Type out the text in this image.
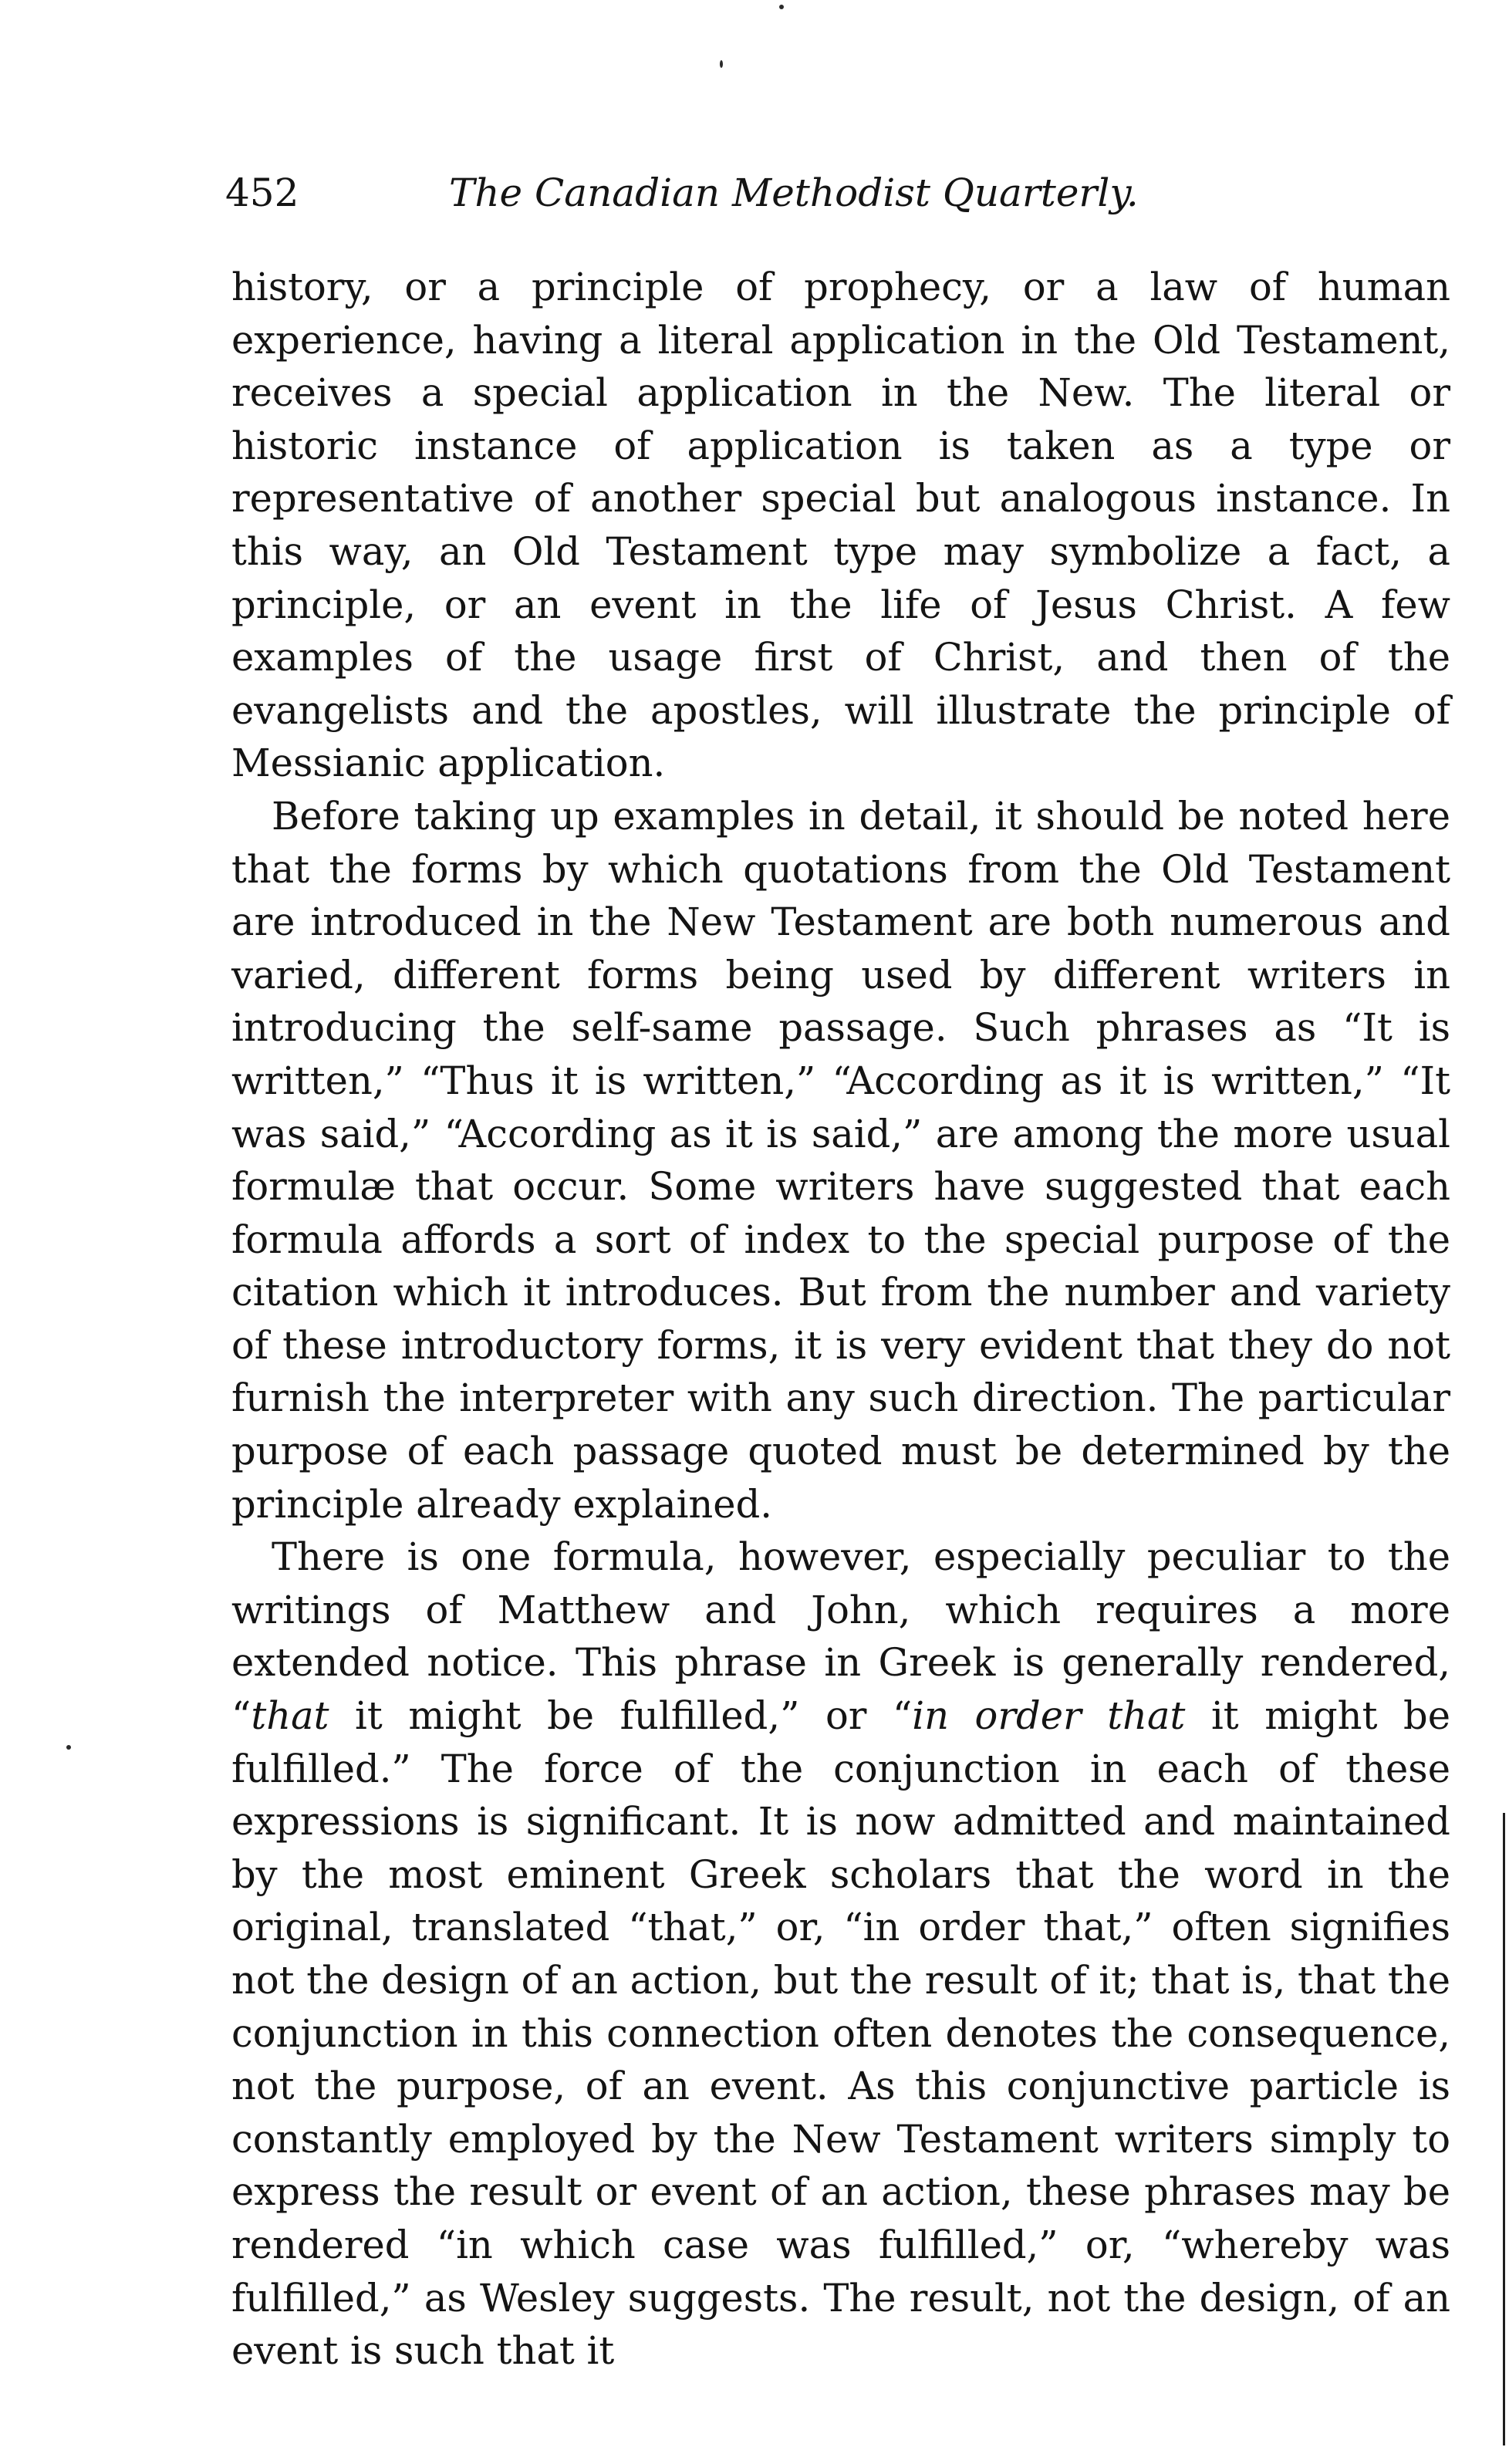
452	The Canadian Methodist Quarterly.

history, or a principle of prophecy, or a law of human experience, having a literal application in the Old Testament, receives a special application in the New. The literal or historic instance of application is taken as a type or representative of another special but analogous instance. In this way, an Old Testament type may symbolize a fact, a principle, or an event in the life of Jesus Christ. A few examples of the usage first of Christ, and then of the evangelists and the apostles, will illustrate the principle of Messianic application.

Before taking up examples in detail, it should be noted here that the forms by which quotations from the Old Testament are introduced in the New Testament are both numerous and varied, different forms being used by different writers in introducing the self-same passage. Such phrases as “It is written,” “Thus it is written,” “According as it is written,” “It was said,” “According as it is said,” are among the more usual formulæ that occur. Some writers have suggested that each formula affords a sort of index to the special purpose of the citation which it introduces. But from the number and variety of these introductory forms, it is very evident that they do not furnish the interpreter with any such direction. The particular purpose of each passage quoted must be determined by the principle already explained.

There is one formula, however, especially peculiar to the writings of Matthew and John, which requires a more extended notice. This phrase in Greek is generally rendered, “that it might be fulfilled,” or “in order that it might be fulfilled.” The force of the conjunction in each of these expressions is significant. It is now admitted and maintained by the most eminent Greek scholars that the word in the original, translated “that,” or, “in order that,” often signifies not the design of an action, but the result of it; that is, that the conjunction in this connection often denotes the consequence, not the purpose, of an event. As this conjunctive particle is constantly employed by the New Testament writers simply to express the result or event of an action, these phrases may be rendered “in which case was fulfilled,” or, “whereby was fulfilled,” as Wesley suggests. The result, not the design, of an event is such that it
